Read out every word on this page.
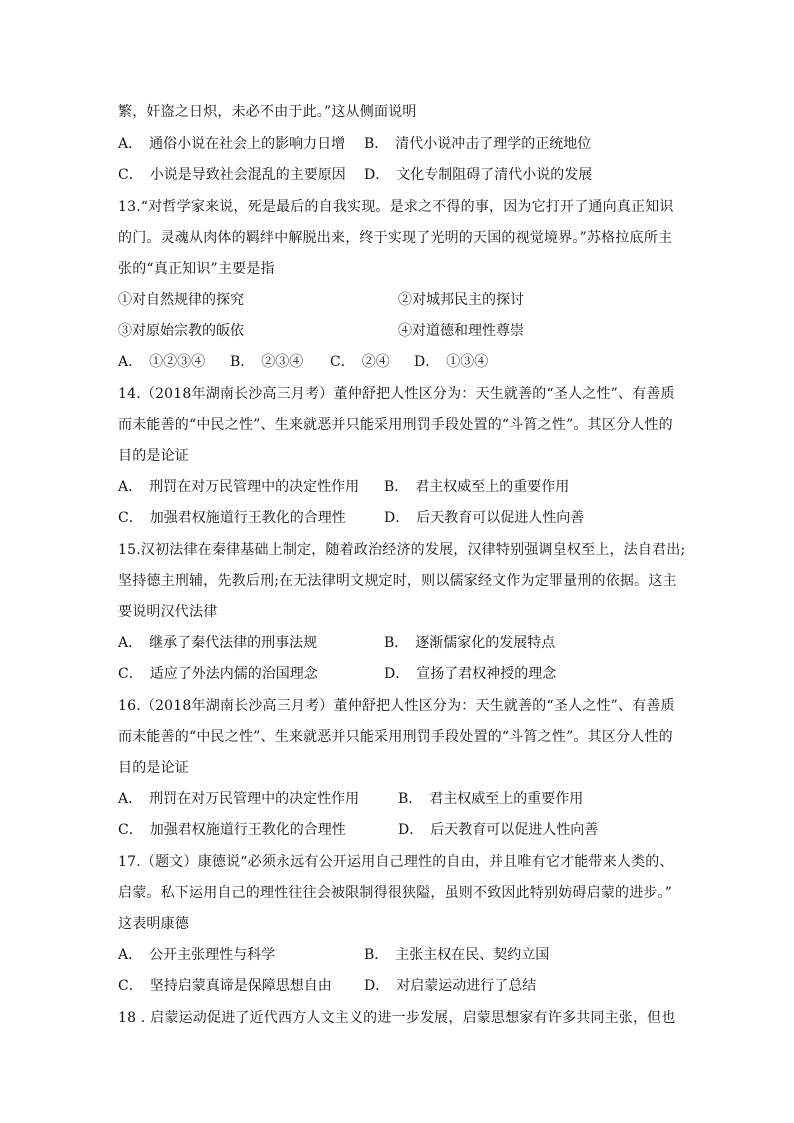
繁，奸盗之日炽，未必不由于此。”这从侧面说明
A．　通俗小说在社会上的影响力日增 B．　清代小说冲击了理学的正统地位
C．　小说是导致社会混乱的主要原因 D．　文化专制阻碍了清代小说的发展
13.“对哲学家来说，死是最后的自我实现。是求之不得的事，因为它打开了通向真正知识
的门。灵魂从肉体的羁绊中解脱出来，终于实现了光明的天国的视觉境界。”苏格拉底所主
张的“真正知识”主要是指
①对自然规律的探究	②对城邦民主的探讨
③对原始宗教的皈依	④对道德和理性尊崇
A．　①②③④ B．　②③④ C．　②④ D．　①③④
14.（2018年湖南长沙高三月考）董仲舒把人性区分为：天生就善的“圣人之性”、有善质
而未能善的“中民之性”、生来就恶并只能采用刑罚手段处置的“斗筲之性”。其区分人性的
目的是论证
A．　刑罚在对万民管理中的决定性作用 B．　君主权威至上的重要作用
C．　加强君权施道行王教化的合理性	D．　后天教育可以促进人性向善
15.汉初法律在秦律基础上制定，随着政治经济的发展，汉律特别强调皇权至上，法自君出;
坚持德主刑辅，先教后刑;在无法律明文规定时，则以儒家经文作为定罪量刑的依据。这主
要说明汉代法律
A．　继承了秦代法律的刑事法规	B．　逐渐儒家化的发展特点
C．　适应了外法内儒的治国理念	D．　宣扬了君权神授的理念
16.（2018年湖南长沙高三月考）董仲舒把人性区分为：天生就善的“圣人之性”、有善质
而未能善的“中民之性”、生来就恶并只能采用刑罚手段处置的“斗筲之性”。其区分人性的
目的是论证
A．　刑罚在对万民管理中的决定性作用	B．　君主权威至上的重要作用
C．　加强君权施道行王教化的合理性	D．　后天教育可以促进人性向善
17.（题文）康德说“必须永远有公开运用自己理性的自由，并且唯有它才能带来人类的、
启蒙。私下运用自己的理性往往会被限制得很狭隘，虽则不致因此特别妨碍启蒙的进步。”
这表明康德
A．　公开主张理性与科学	B．　主张主权在民、契约立国
C．　坚持启蒙真谛是保障思想自由 D．　对启蒙运动进行了总结
18 . 启蒙运动促进了近代西方人文主义的进一步发展，启蒙思想家有许多共同主张，但也
